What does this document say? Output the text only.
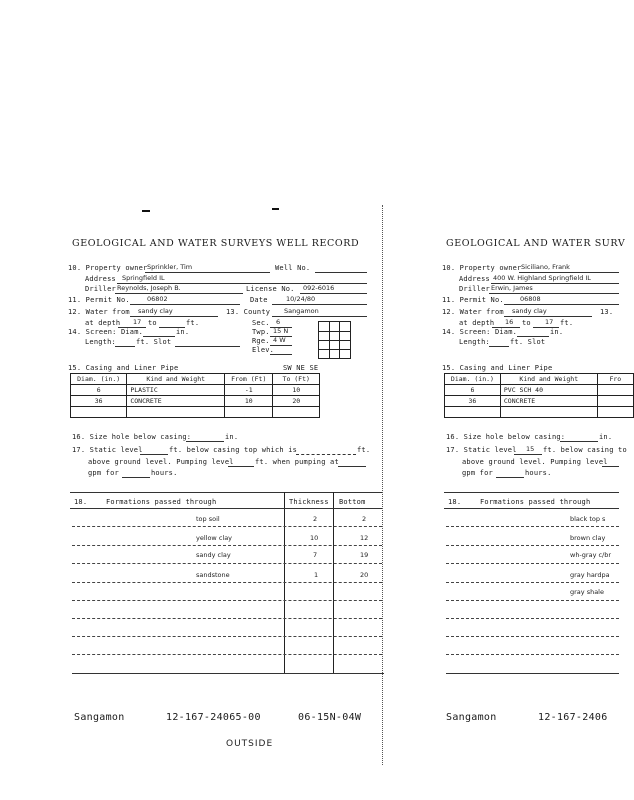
GEOLOGICAL AND WATER SURVEYS WELL RECORD
10. Property owner Sprinkler, Tim	Well No.
Address Springfield IL
Driller Reynolds, Joseph B.	License No. 092-6016
11. Permit No.	06802	Date	10/24/80
12. Water from sandy clay	13. County Sangamon
at depth 17 to	ft.	Sec. 6
Twp. 15 N
Rge. 4 W
Elev.
14. Screen: Diam.	in.
Length:	ft. Slot
15. Casing and Liner Pipe	SW NE SE
Diam. (in.)	Kind and Weight	From (Ft)	To (Ft)
6	PLASTIC	-1	10
36	CONCRETE	10	20

16. Size hole below casing:	in.
17. Static level	ft. below casing top which is	ft.
above ground level. Pumping level	ft. when pumping at
gpm for	hours.
18.	Formations passed through	Thickness Bottom
top soil	2	2
yellow clay	10	12
sandy clay	7	19
sandstone	1	20
Sangamon	12-167-24065-00	06-15N-04W
OUTSIDE
GEOLOGICAL AND WATER SURV
10. Property owner Siciliano, Frank
Address 400 W. Highland Springfield IL
Driller Erwin, James
11. Permit No. 06808
12. Water from sandy clay	13.
at depth 16 to 17 ft.
14. Screen: Diam.	in.
Length:	ft. Slot
15. Casing and Liner Pipe
Diam. (in.)	Kind and Weight	Fro
6	PVC SCH 40	
36	CONCRETE	

16. Size hole below casing:	in.
17. Static level 15 ft. below casing to
above ground level. Pumping level
gpm for	hours.
18.	Formations passed through
black top s
brown clay
wh-gray c/br
gray hardpa
gray shale
Sangamon	12-167-2406
